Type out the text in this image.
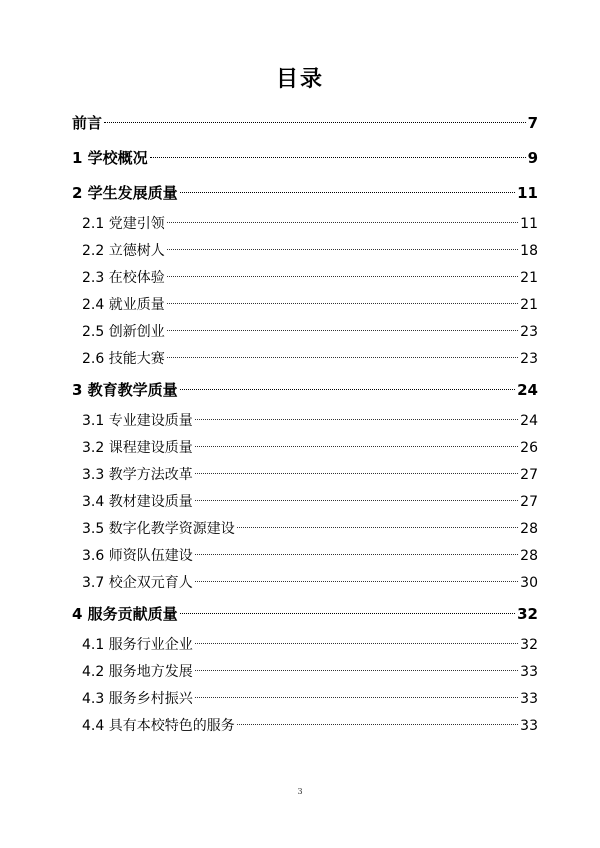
目录
前言	7
1 学校概况	9
2 学生发展质量	11
2.1 党建引领	11
2.2 立德树人	18
2.3 在校体验	21
2.4 就业质量	21
2.5 创新创业	23
2.6 技能大赛	23
3 教育教学质量	24
3.1 专业建设质量	24
3.2 课程建设质量	26
3.3 教学方法改革	27
3.4 教材建设质量	27
3.5 数字化教学资源建设	28
3.6 师资队伍建设	28
3.7 校企双元育人	30
4 服务贡献质量	32
4.1 服务行业企业	32
4.2 服务地方发展	33
4.3 服务乡村振兴	33
4.4 具有本校特色的服务	33
3
